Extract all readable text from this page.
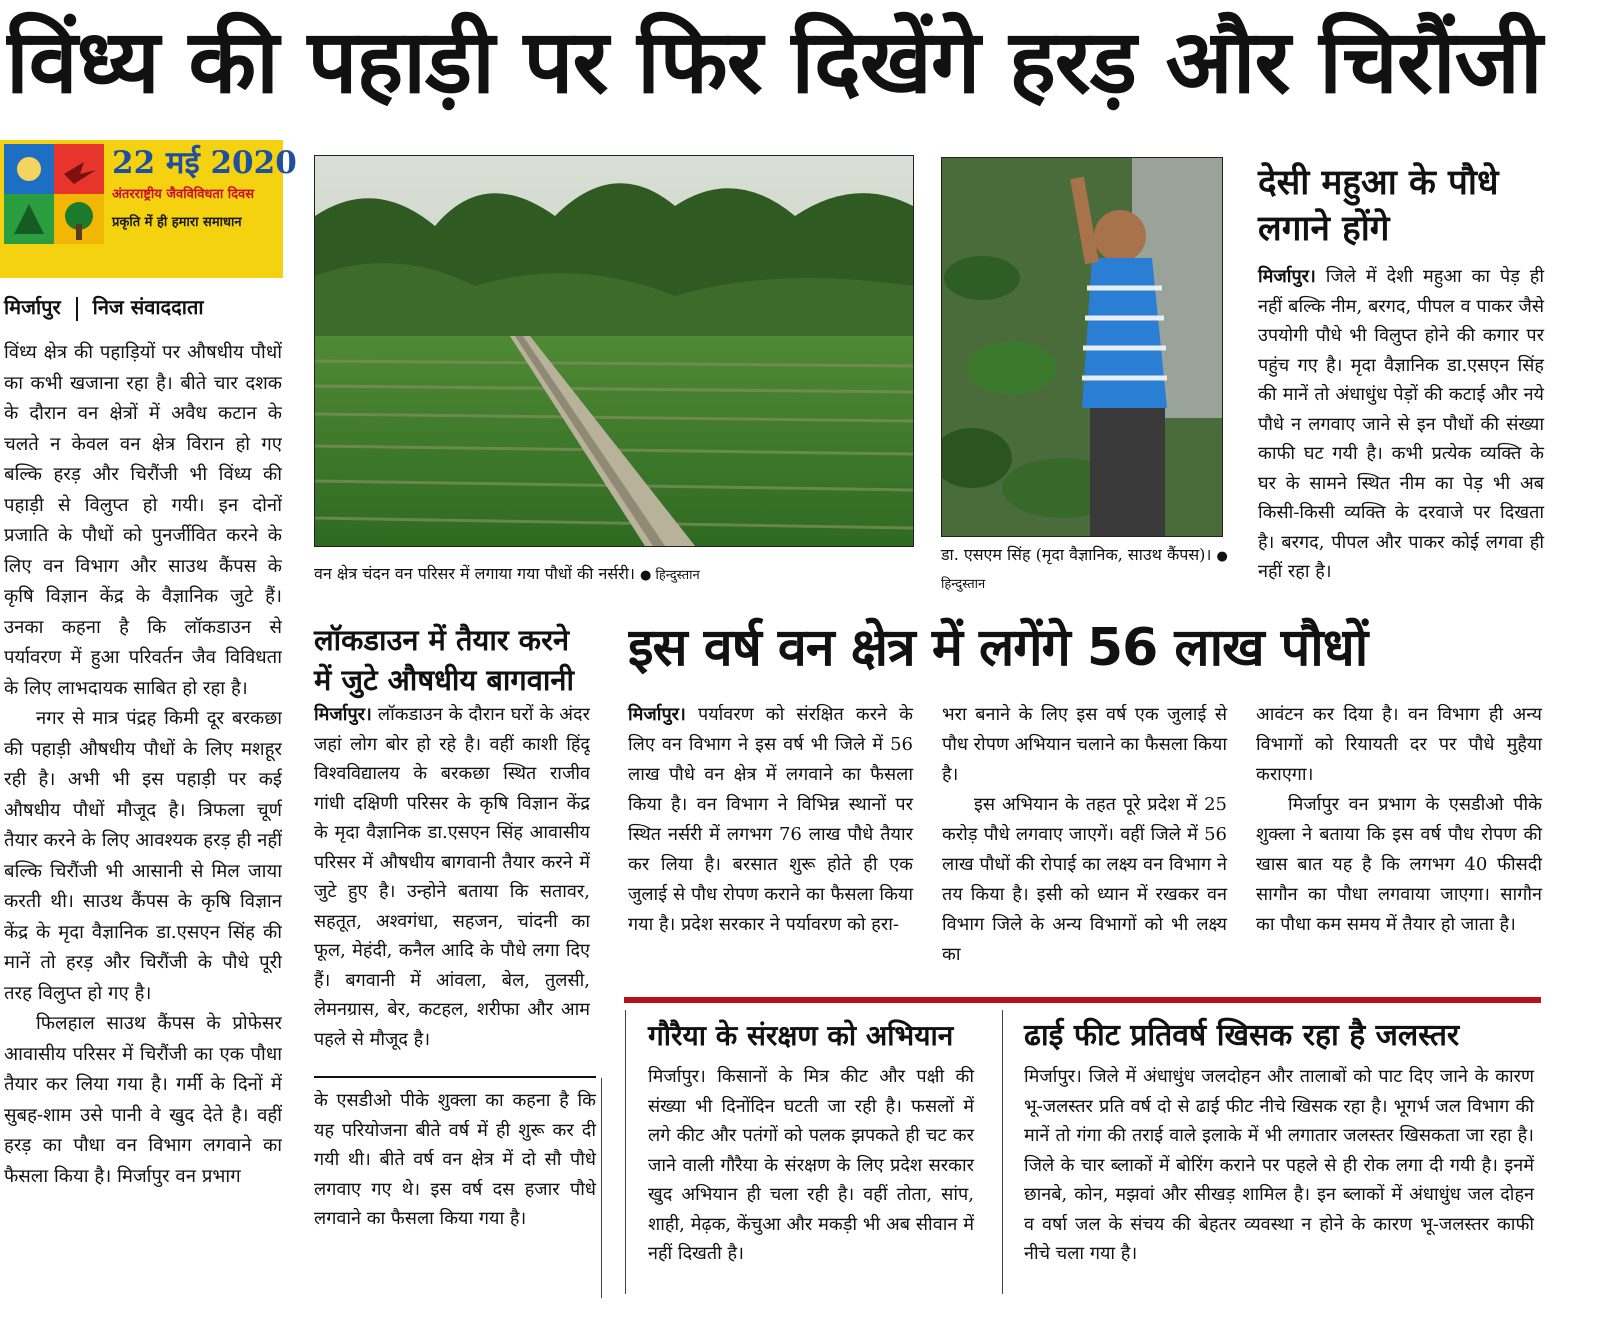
विंध्य की पहाड़ी पर फिर दिखेंगे हरड़ और चिरौंजी
22 मई 2020
अंतरराष्ट्रीय जैवविविधता दिवस
प्रकृति में ही हमारा समाधान
मिर्जापुर निज संवाददाता

विंध्य क्षेत्र की पहाड़ियों पर औषधीय पौधों का कभी खजाना रहा है। बीते चार दशक के दौरान वन क्षेत्रों में अवैध कटान के चलते न केवल वन क्षेत्र विरान हो गए बल्कि हरड़ और चिरौंजी भी विंध्य की पहाड़ी से विलुप्त हो गयी। इन दोनों प्रजाति के पौधों को पुनर्जीवित करने के लिए वन विभाग और साउथ कैंपस के कृषि विज्ञान केंद्र के वैज्ञानिक जुटे हैं। उनका कहना है कि लॉकडाउन से पर्यावरण में हुआ परिवर्तन जैव विविधता के लिए लाभदायक साबित हो रहा है।

नगर से मात्र पंद्रह किमी दूर बरकछा की पहाड़ी औषधीय पौधों के लिए मशहूर रही है। अभी भी इस पहाड़ी पर कई औषधीय पौधों मौजूद है। त्रिफला चूर्ण तैयार करने के लिए आवश्यक हरड़ ही नहीं बल्कि चिरौंजी भी आसानी से मिल जाया करती थी। साउथ कैंपस के कृषि विज्ञान केंद्र के मृदा वैज्ञानिक डा.एसएन सिंह की मानें तो हरड़ और चिरौंजी के पौधे पूरी तरह विलुप्त हो गए है।

फिलहाल साउथ कैंपस के प्रोफेसर आवासीय परिसर में चिरौंजी का एक पौधा तैयार कर लिया गया है। गर्मी के दिनों में सुबह-शाम उसे पानी वे खुद देते है। वहीं हरड़ का पौधा वन विभाग लगवाने का फैसला किया है। मिर्जापुर वन प्रभाग

वन क्षेत्र चंदन वन परिसर में लगाया गया पौधों की नर्सरी। ● हिन्दुस्तान
डा. एसएम सिंह (मृदा वैज्ञानिक, साउथ कैंपस)। ● हिन्दुस्तान
देसी महुआ के पौधे लगाने होंगे

मिर्जापुर। जिले में देशी महुआ का पेड़ ही नहीं बल्कि नीम, बरगद, पीपल व पाकर जैसे उपयोगी पौधे भी विलुप्त होने की कगार पर पहुंच गए है। मृदा वैज्ञानिक डा.एसएन सिंह की मानें तो अंधाधुंध पेड़ों की कटाई और नये पौधे न लगवाए जाने से इन पौधों की संख्या काफी घट गयी है। कभी प्रत्येक व्यक्ति के घर के सामने स्थित नीम का पेड़ भी अब किसी-किसी व्यक्ति के दरवाजे पर दिखता है। बरगद, पीपल और पाकर कोई लगवा ही नहीं रहा है।

लॉकडाउन में तैयार करने में जुटे औषधीय बागवानी

मिर्जापुर। लॉकडाउन के दौरान घरों के अंदर जहां लोग बोर हो रहे है। वहीं काशी हिंदू विश्वविद्यालय के बरकछा स्थित राजीव गांधी दक्षिणी परिसर के कृषि विज्ञान केंद्र के मृदा वैज्ञानिक डा.एसएन सिंह आवासीय परिसर में औषधीय बागवानी तैयार करने में जुटे हुए है। उन्होने बताया कि सतावर, सहतूत, अश्वगंधा, सहजन, चांदनी का फूल, मेहंदी, कनैल आदि के पौधे लगा दिए हैं। बगवानी में आंवला, बेल, तुलसी, लेमनग्रास, बेर, कटहल, शरीफा और आम पहले से मौजूद है।

के एसडीओ पीके शुक्ला का कहना है कि यह परियोजना बीते वर्ष में ही शुरू कर दी गयी थी। बीते वर्ष वन क्षेत्र में दो सौ पौधे लगवाए गए थे। इस वर्ष दस हजार पौधे लगवाने का फैसला किया गया है।
इस वर्ष वन क्षेत्र में लगेंगे 56 लाख पौधों

मिर्जापुर। पर्यावरण को संरक्षित करने के लिए वन विभाग ने इस वर्ष भी जिले में 56 लाख पौधे वन क्षेत्र में लगवाने का फैसला किया है। वन विभाग ने विभिन्न स्थानों पर स्थित नर्सरी में लगभग 76 लाख पौधे तैयार कर लिया है। बरसात शुरू होते ही एक जुलाई से पौध रोपण कराने का फैसला किया गया है। प्रदेश सरकार ने पर्यावरण को हरा-

भरा बनाने के लिए इस वर्ष एक जुलाई से पौध रोपण अभियान चलाने का फैसला किया है।

इस अभियान के तहत पूरे प्रदेश में 25 करोड़ पौधे लगवाए जाएगें। वहीं जिले में 56 लाख पौधों की रोपाई का लक्ष्य वन विभाग ने तय किया है। इसी को ध्यान में रखकर वन विभाग जिले के अन्य विभागों को भी लक्ष्य का

आवंटन कर दिया है। वन विभाग ही अन्य विभागों को रियायती दर पर पौधे मुहैया कराएगा।

मिर्जापुर वन प्रभाग के एसडीओ पीके शुक्ला ने बताया कि इस वर्ष पौध रोपण की खास बात यह है कि लगभग 40 फीसदी सागौन का पौधा लगवाया जाएगा। सागौन का पौधा कम समय में तैयार हो जाता है।

गौरैया के संरक्षण को अभियान

मिर्जापुर। किसानों के मित्र कीट और पक्षी की संख्या भी दिनोंदिन घटती जा रही है। फसलों में लगे कीट और पतंगों को पलक झपकते ही चट कर जाने वाली गौरैया के संरक्षण के लिए प्रदेश सरकार खुद अभियान ही चला रही है। वहीं तोता, सांप, शाही, मेढ़क, केंचुआ और मकड़ी भी अब सीवान में नहीं दिखती है।

ढाई फीट प्रतिवर्ष खिसक रहा है जलस्तर

मिर्जापुर। जिले में अंधाधुंध जलदोहन और तालाबों को पाट दिए जाने के कारण भू-जलस्तर प्रति वर्ष दो से ढाई फीट नीचे खिसक रहा है। भूगर्भ जल विभाग की मानें तो गंगा की तराई वाले इलाके में भी लगातार जलस्तर खिसकता जा रहा है। जिले के चार ब्लाकों में बोरिंग कराने पर पहले से ही रोक लगा दी गयी है। इनमें छानबे, कोन, मझवां और सीखड़ शामिल है। इन ब्लाकों में अंधाधुंध जल दोहन व वर्षा जल के संचय की बेहतर व्यवस्था न होने के कारण भू-जलस्तर काफी नीचे चला गया है।
